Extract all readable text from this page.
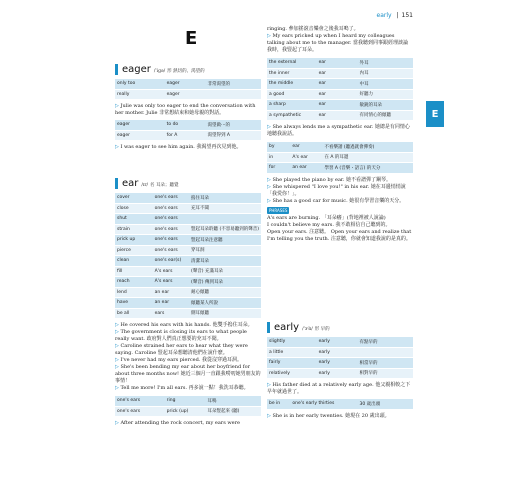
early | 151
E
eager /ˈiɡə/ 形 熱切的、渴望的
only too	eager	非常渴望的
really	eager	

▷ Julie was only too eager to end the conversation with her mother. Julie 非常想結束和她母親的對話。

eager	to do	渴望做⋯的
eager	for A	渴望得到 A

▷ I was eager to see him again. 我渴望再次見到他。

ear /ɪr/ 名 耳朵；聽覺
cover	one's ears	摀住耳朵
close	one's ears	充耳不聞
shut	one's ears	
strain	one's ears	豎起耳朵聆聽 (不容易聽到的聲音)
prick up	one's ears	豎起耳朵注意聽
pierce	one's ears	穿耳洞
clean	one's ear(s)	清潔耳朵
fill	A's ears	(聲音) 充滿耳朵
reach	A's ears	(聲音) 傳到耳朵
lend	an ear	耐心傾聽
have	an ear	傾聽某人所說
be all	ears	側耳傾聽

▷ He covered his ears with his hands. 他雙手摀住耳朵。

▷ The government is closing its ears to what people really want. 政府對人們真正想要的充耳不聞。

▷ Caroline strained her ears to hear what they were saying. Caroline 豎起耳朵想聽清他們在說什麼。

▷ I've never had my ears pierced. 我從沒穿過耳洞。

▷ She's been bending my ear about her boyfriend for about three months now! 她近三個月一直跟我嘮叨她男朋友的事情！

▷ Tell me more! I'm all ears. 再多說一點！我洗耳恭聽。

one's ears	ring	耳鳴
one's ears	prick (up)	耳朵豎起來 (聽)

▷ After attending the rock concert, my ears were

ringing. 參加搖滾音樂會之後我耳鳴了。

▷ My ears pricked up when I heard my colleagues talking about me to the manager. 當我聽到同事跟經理談論我時，我豎起了耳朵。

the external	ear	外耳
the inner	ear	內耳
the middle	ear	中耳
a good	ear	好聽力
a sharp	ear	敏銳的耳朵
a sympathetic	ear	有同情心的傾聽

▷ She always lends me a sympathetic ear. 她總是有同情心地聽我說話。

by	ear	不看樂譜 (聽過就會彈奏)
in	A's ear	在 A 的耳邊
for	an ear	學習 A (音樂・語言) 的天分

▷ She played the piano by ear. 她不看譜彈了鋼琴。

▷ She whispered "I love you!" in his ear. 她在耳邊悄悄說「我愛你！」。

▷ She has a good car for music. 她很有學習音樂的天分。

PHRASES

A's ears are burning. 「耳朵癢」(背地裡被人說論)

I couldn't believe my ears. 我不敢相信自己聽到的。

Open your ears. 注意聽。 Open your ears and realize that I'm telling you the truth. 注意聽，你就會知道我說的是真的。

early /ˈɝlɪ/ 形 早的
slightly	early	有點早的
a little	early	
fairly	early	相當早的
relatively	early	相對早的

▷ His father died at a relatively early age. 他父親相較之下早年就過世了。

be in	one's early thirties	30 歲出頭

▷ She is in her early twenties. 她現在 20 歲出頭。

E
